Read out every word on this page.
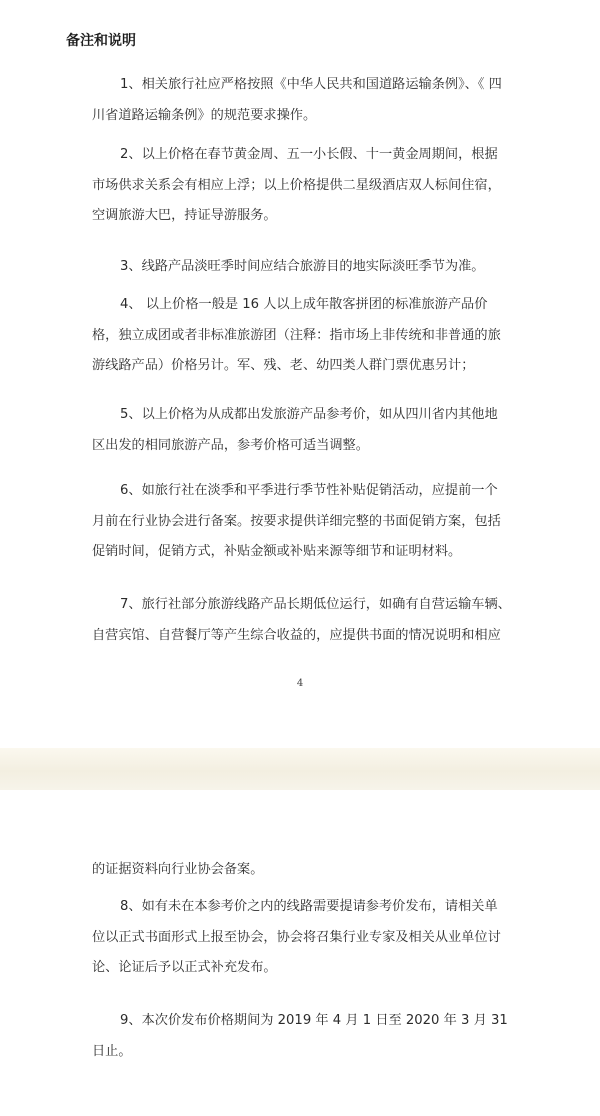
备注和说明
1、相关旅行社应严格按照《中华人民共和国道路运输条例》、《 四
川省道路运输条例》的规范要求操作。
2、以上价格在春节黄金周、五一小长假、十一黄金周期间，根据
市场供求关系会有相应上浮；以上价格提供二星级酒店双人标间住宿，
空调旅游大巴，持证导游服务。
3、线路产品淡旺季时间应结合旅游目的地实际淡旺季节为准。
4、 以上价格一般是 16 人以上成年散客拼团的标准旅游产品价
格，独立成团或者非标准旅游团（注释：指市场上非传统和非普通的旅
游线路产品）价格另计。军、残、老、幼四类人群门票优惠另计；
5、以上价格为从成都出发旅游产品参考价，如从四川省内其他地
区出发的相同旅游产品，参考价格可适当调整。
6、如旅行社在淡季和平季进行季节性补贴促销活动，应提前一个
月前在行业协会进行备案。按要求提供详细完整的书面促销方案，包括
促销时间，促销方式，补贴金额或补贴来源等细节和证明材料。
7、旅行社部分旅游线路产品长期低位运行，如确有自营运输车辆、
自营宾馆、自营餐厅等产生综合收益的，应提供书面的情况说明和相应
4
的证据资料向行业协会备案。
8、如有未在本参考价之内的线路需要提请参考价发布，请相关单
位以正式书面形式上报至协会，协会将召集行业专家及相关从业单位讨
论、论证后予以正式补充发布。
9、本次价发布价格期间为 2019 年 4 月 1 日至 2020 年 3 月 31
日止。
